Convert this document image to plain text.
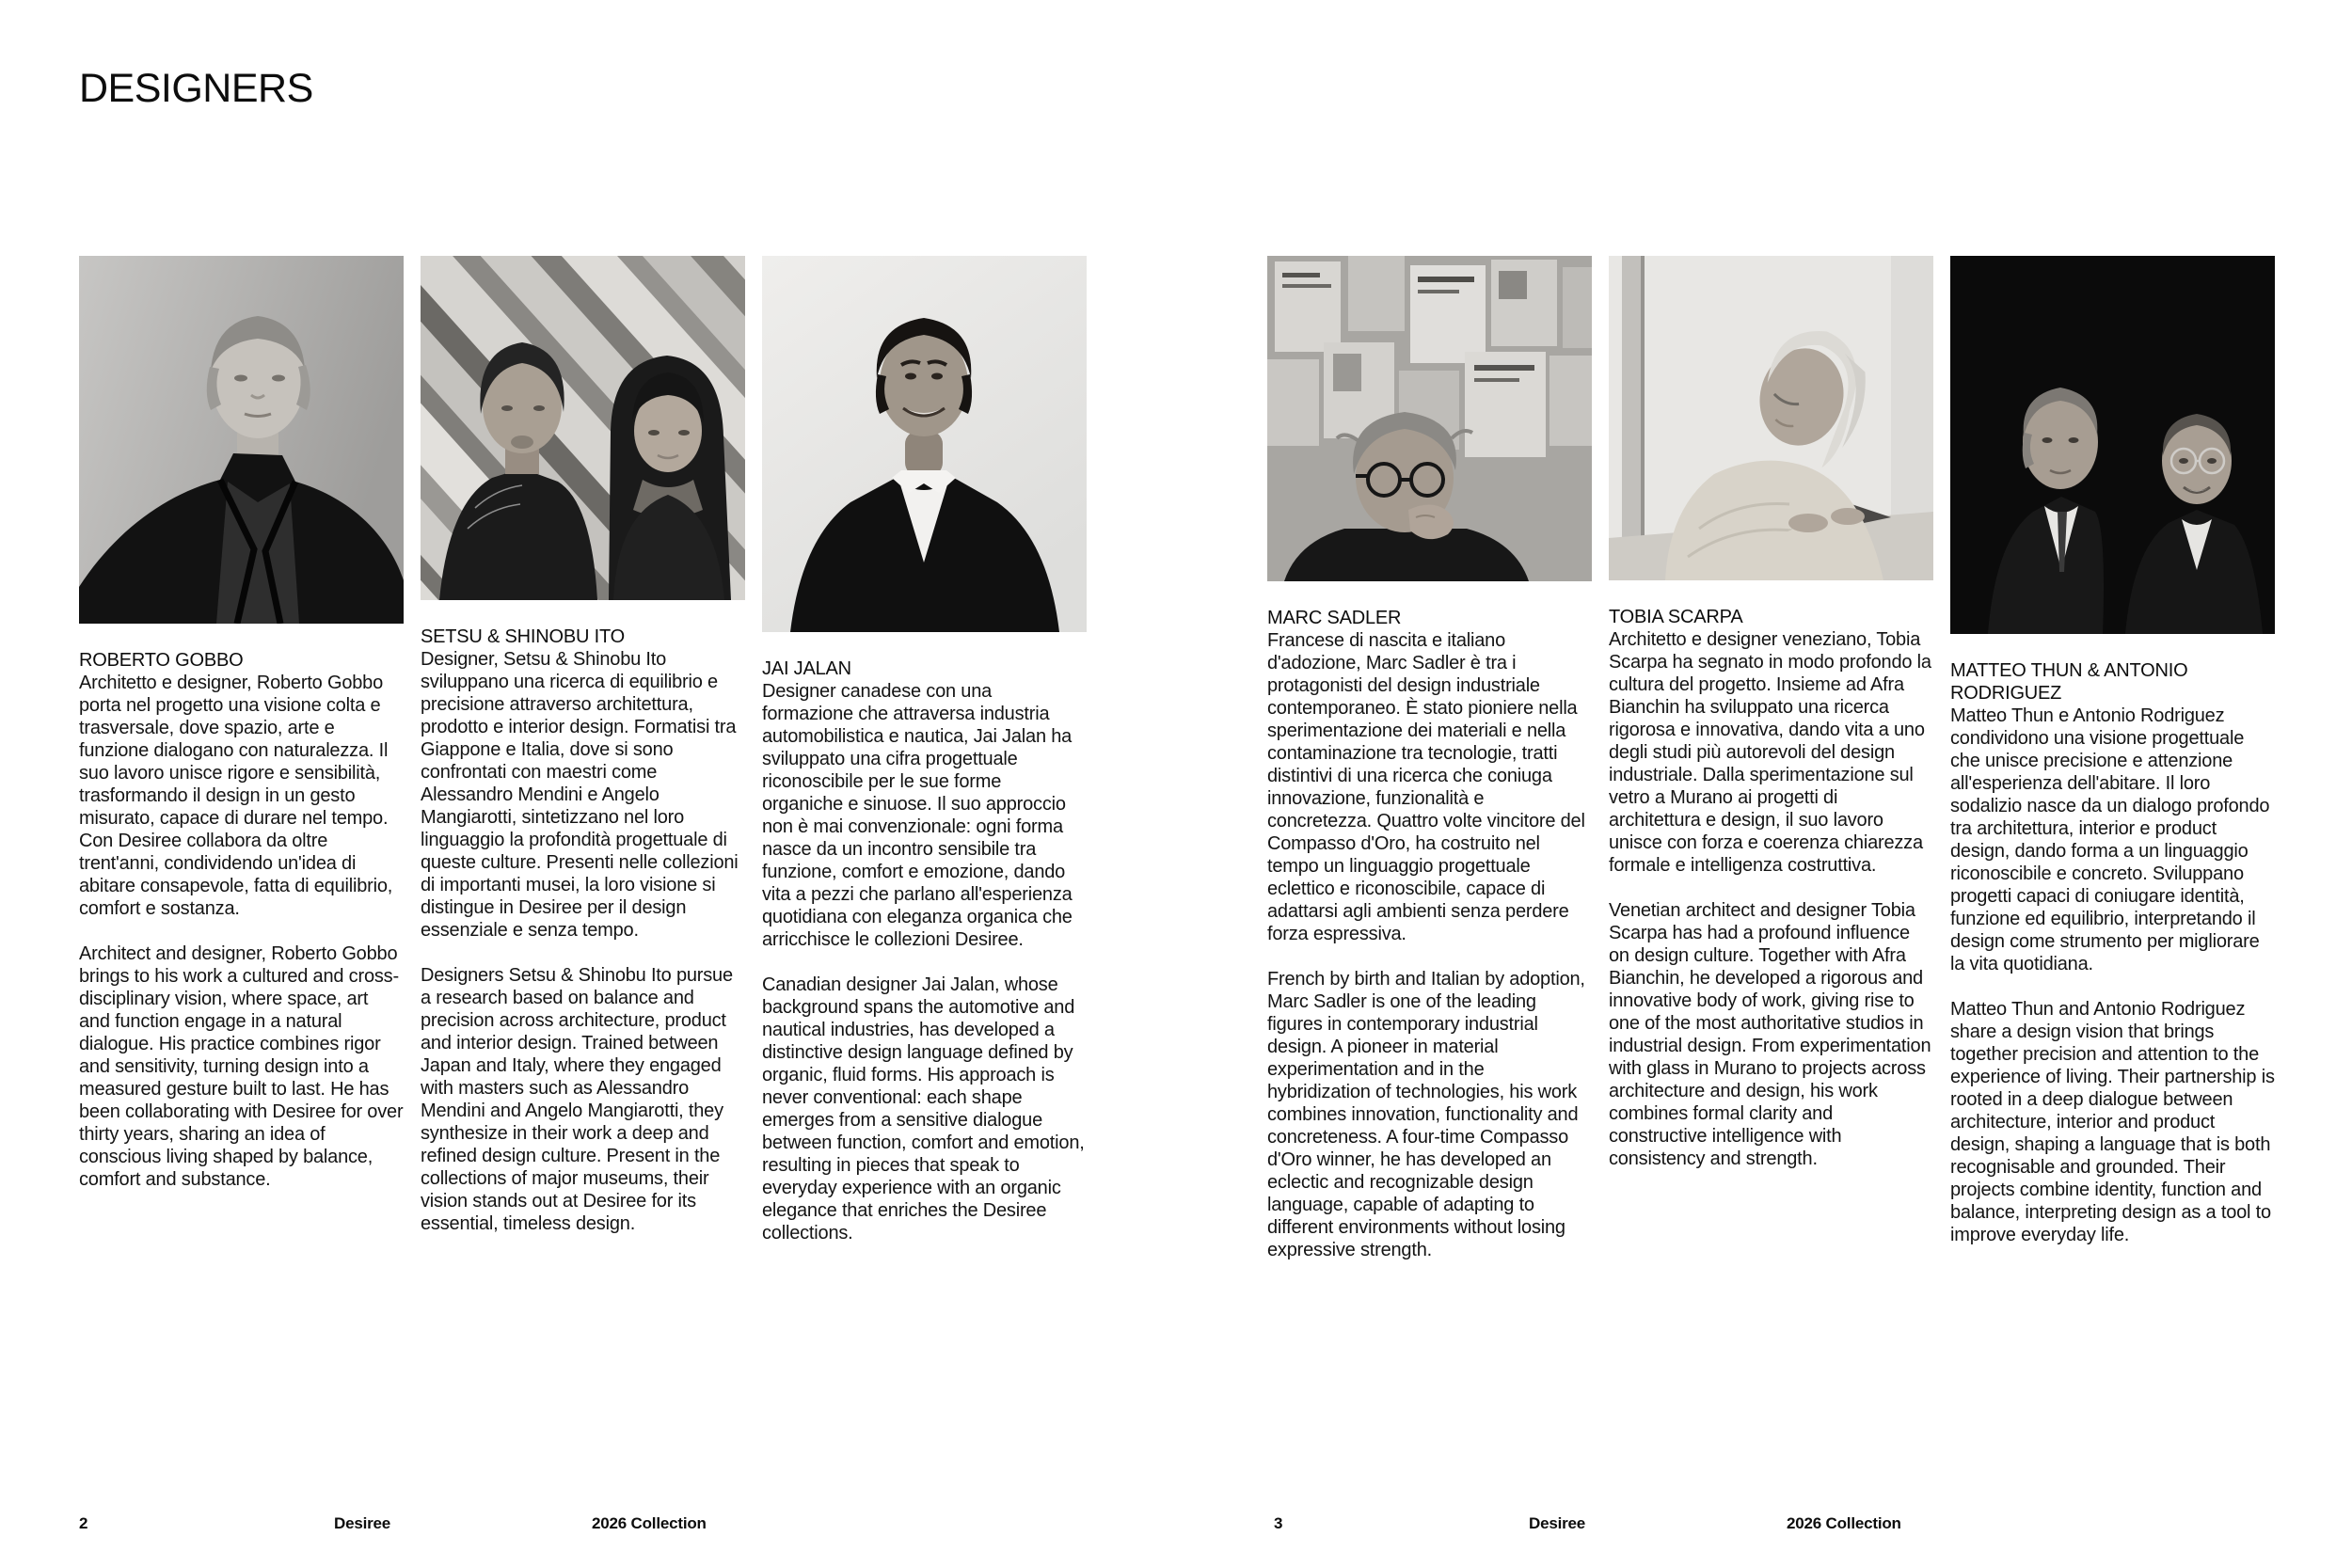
DESIGNERS
ROBERTO GOBBO

Architetto e designer, Roberto Gobbo porta nel progetto una visione colta e trasversale, dove spazio, arte e funzione dialogano con naturalezza. Il suo lavoro unisce rigore e sensibilità, trasformando il design in un gesto misurato, capace di durare nel tempo. Con Desiree collabora da oltre trent'anni, condividendo un'idea di abitare consapevole, fatta di equilibrio, comfort e sostanza.

Architect and designer, Roberto Gobbo brings to his work a cultured and cross-disciplinary vision, where space, art and function engage in a natural dialogue. His practice combines rigor and sensitivity, turning design into a measured gesture built to last. He has been collaborating with Desiree for over thirty years, sharing an idea of conscious living shaped by balance, comfort and substance.

SETSU & SHINOBU ITO

Designer, Setsu & Shinobu Ito sviluppano una ricerca di equilibrio e precisione attraverso architettura, prodotto e interior design. Formatisi tra Giappone e Italia, dove si sono confrontati con maestri come Alessandro Mendini e Angelo Mangiarotti, sintetizzano nel loro linguaggio la profondità progettuale di queste culture. Presenti nelle collezioni di importanti musei, la loro visione si distingue in Desiree per il design essenziale e senza tempo.

Designers Setsu & Shinobu Ito pursue a research based on balance and precision across architecture, product and interior design. Trained between Japan and Italy, where they engaged with masters such as Alessandro Mendini and Angelo Mangiarotti, they synthesize in their work a deep and refined design culture. Present in the collections of major museums, their vision stands out at Desiree for its essential, timeless design.

JAI JALAN

Designer canadese con una formazione che attraversa industria automobilistica e nautica, Jai Jalan ha sviluppato una cifra progettuale riconoscibile per le sue forme organiche e sinuose. Il suo approccio non è mai convenzionale: ogni forma nasce da un incontro sensibile tra funzione, comfort e emozione, dando vita a pezzi che parlano all'esperienza quotidiana con eleganza organica che arricchisce le collezioni Desiree.

Canadian designer Jai Jalan, whose background spans the automotive and nautical industries, has developed a distinctive design language defined by organic, fluid forms. His approach is never conventional: each shape emerges from a sensitive dialogue between function, comfort and emotion, resulting in pieces that speak to everyday experience with an organic elegance that enriches the Desiree collections.

MARC SADLER

Francese di nascita e italiano d'adozione, Marc Sadler è tra i protagonisti del design industriale contemporaneo. È stato pioniere nella sperimentazione dei materiali e nella contaminazione tra tecnologie, tratti distintivi di una ricerca che coniuga innovazione, funzionalità e concretezza. Quattro volte vincitore del Compasso d'Oro, ha costruito nel tempo un linguaggio progettuale eclettico e riconoscibile, capace di adattarsi agli ambienti senza perdere forza espressiva.

French by birth and Italian by adoption, Marc Sadler is one of the leading figures in contemporary industrial design. A pioneer in material experimentation and in the hybridization of technologies, his work combines innovation, functionality and concreteness. A four-time Compasso d'Oro winner, he has developed an eclectic and recognizable design language, capable of adapting to different environments without losing expressive strength.

TOBIA SCARPA

Architetto e designer veneziano, Tobia Scarpa ha segnato in modo profondo la cultura del progetto. Insieme ad Afra Bianchin ha sviluppato una ricerca rigorosa e innovativa, dando vita a uno degli studi più autorevoli del design industriale. Dalla sperimentazione sul vetro a Murano ai progetti di architettura e design, il suo lavoro unisce con forza e coerenza chiarezza formale e intelligenza costruttiva.

Venetian architect and designer Tobia Scarpa has had a profound influence on design culture. Together with Afra Bianchin, he developed a rigorous and innovative body of work, giving rise to one of the most authoritative studios in industrial design. From experimentation with glass in Murano to projects across architecture and design, his work combines formal clarity and constructive intelligence with consistency and strength.

MATTEO THUN & ANTONIO RODRIGUEZ

Matteo Thun e Antonio Rodriguez condividono una visione progettuale che unisce precisione e attenzione all'esperienza dell'abitare. Il loro sodalizio nasce da un dialogo profondo tra architettura, interior e product design, dando forma a un linguaggio riconoscibile e concreto. Sviluppano progetti capaci di coniugare identità, funzione ed equilibrio, interpretando il design come strumento per migliorare la vita quotidiana.

Matteo Thun and Antonio Rodriguez share a design vision that brings together precision and attention to the experience of living. Their partnership is rooted in a deep dialogue between architecture, interior and product design, shaping a language that is both recognisable and grounded. Their projects combine identity, function and balance, interpreting design as a tool to improve everyday life.

2	Desiree	2026 Collection	3	Desiree	2026 Collection
